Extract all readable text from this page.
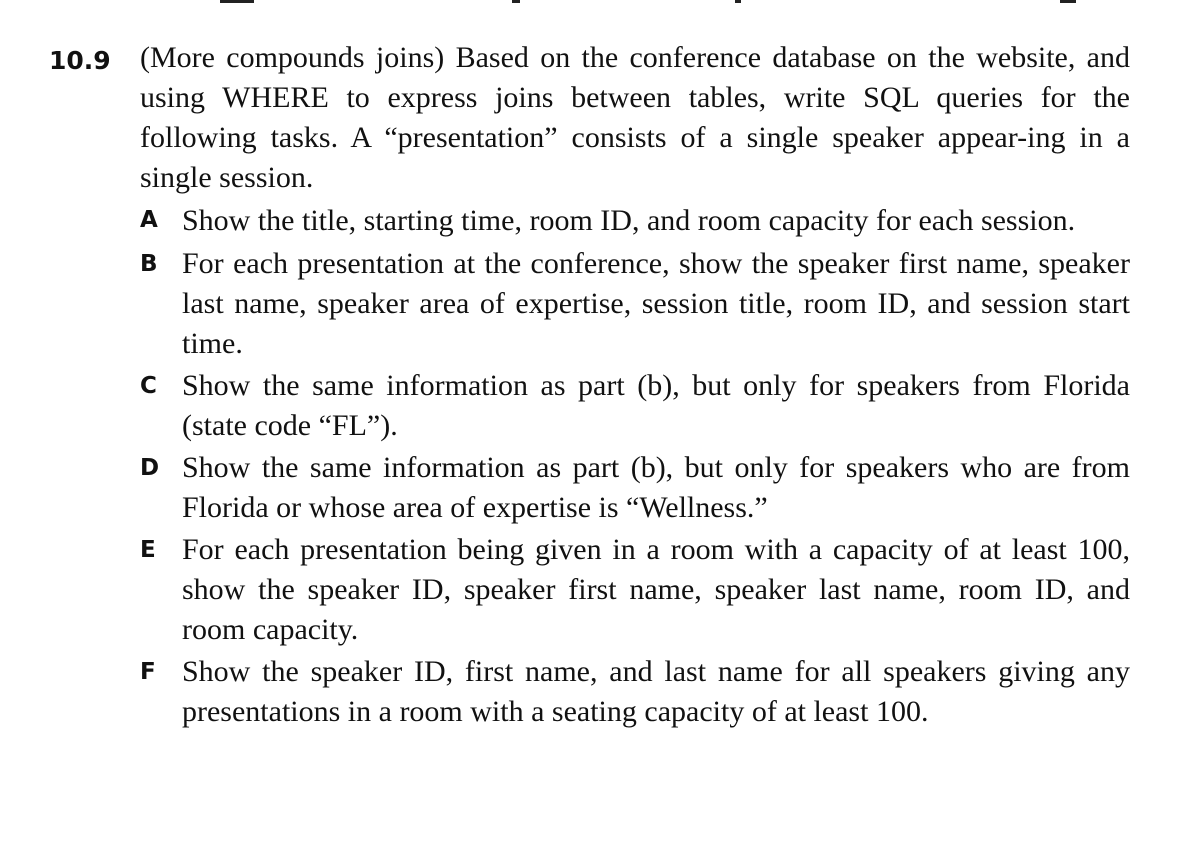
10.9 (More compounds joins) Based on the conference database on the website, and using WHERE to express joins between tables, write SQL queries for the following tasks. A “presentation” consists of a single speaker appear-ing in a single session.
A Show the title, starting time, room ID, and room capacity for each session.
B For each presentation at the conference, show the speaker first name, speaker last name, speaker area of expertise, session title, room ID, and session start time.
C Show the same information as part (b), but only for speakers from Florida (state code “FL”).
D Show the same information as part (b), but only for speakers who are from Florida or whose area of expertise is “Wellness.”
E For each presentation being given in a room with a capacity of at least 100, show the speaker ID, speaker first name, speaker last name, room ID, and room capacity.
F Show the speaker ID, first name, and last name for all speakers giving any presentations in a room with a seating capacity of at least 100.
